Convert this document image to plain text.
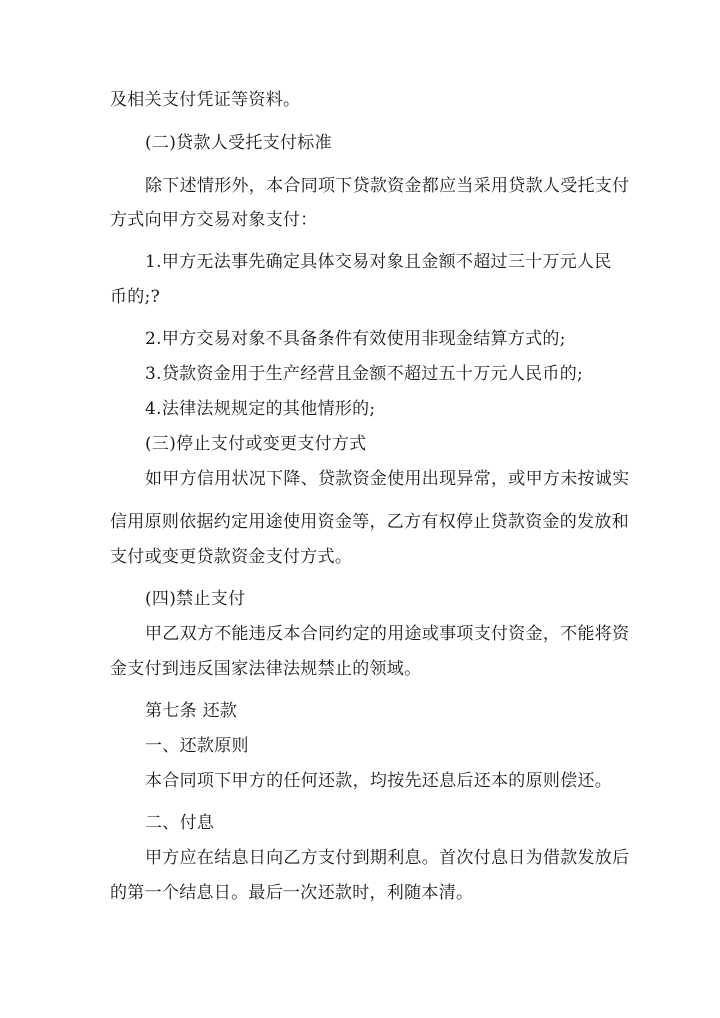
及相关支付凭证等资料。
(二)贷款人受托支付标准
除下述情形外，本合同项下贷款资金都应当采用贷款人受托支付
方式向甲方交易对象支付：
1.甲方无法事先确定具体交易对象且金额不超过三十万元人民
币的;?
2.甲方交易对象不具备条件有效使用非现金结算方式的;
3.贷款资金用于生产经营且金额不超过五十万元人民币的;
4.法律法规规定的其他情形的;
(三)停止支付或变更支付方式
如甲方信用状况下降、贷款资金使用出现异常，或甲方未按诚实
信用原则依据约定用途使用资金等，乙方有权停止贷款资金的发放和
支付或变更贷款资金支付方式。
(四)禁止支付
甲乙双方不能违反本合同约定的用途或事项支付资金，不能将资
金支付到违反国家法律法规禁止的领域。
第七条 还款
一、还款原则
本合同项下甲方的任何还款，均按先还息后还本的原则偿还。
二、付息
甲方应在结息日向乙方支付到期利息。首次付息日为借款发放后
的第一个结息日。最后一次还款时，利随本清。
